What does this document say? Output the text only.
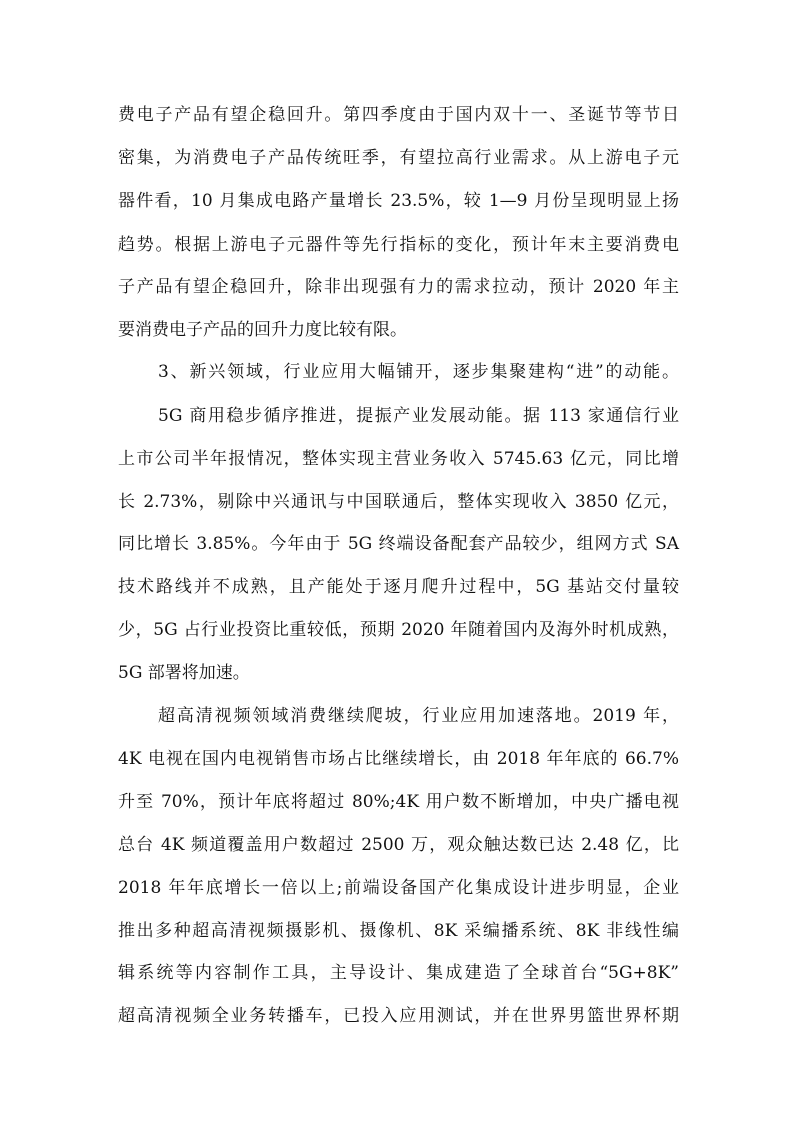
费电子产品有望企稳回升。第四季度由于国内双十一、圣诞节等节日
密集，为消费电子产品传统旺季，有望拉高行业需求。从上游电子元
器件看，10 月集成电路产量增长 23.5%，较 1—9 月份呈现明显上扬
趋势。根据上游电子元器件等先行指标的变化，预计年末主要消费电
子产品有望企稳回升，除非出现强有力的需求拉动，预计 2020 年主
要消费电子产品的回升力度比较有限。
3、新兴领域，行业应用大幅铺开，逐步集聚建构“进”的动能。
5G 商用稳步循序推进，提振产业发展动能。据 113 家通信行业
上市公司半年报情况，整体实现主营业务收入 5745.63 亿元，同比增
长 2.73%，剔除中兴通讯与中国联通后，整体实现收入 3850 亿元，
同比增长 3.85%。今年由于 5G 终端设备配套产品较少，组网方式 SA
技术路线并不成熟，且产能处于逐月爬升过程中，5G 基站交付量较
少，5G 占行业投资比重较低，预期 2020 年随着国内及海外时机成熟，
5G 部署将加速。
超高清视频领域消费继续爬坡，行业应用加速落地。2019 年，
4K 电视在国内电视销售市场占比继续增长，由 2018 年年底的 66.7%
升至 70%，预计年底将超过 80%;4K 用户数不断增加，中央广播电视
总台 4K 频道覆盖用户数超过 2500 万，观众触达数已达 2.48 亿，比
2018 年年底增长一倍以上;前端设备国产化集成设计进步明显，企业
推出多种超高清视频摄影机、摄像机、8K 采编播系统、8K 非线性编
辑系统等内容制作工具，主导设计、集成建造了全球首台“5G+8K”
超高清视频全业务转播车，已投入应用测试，并在世界男篮世界杯期
